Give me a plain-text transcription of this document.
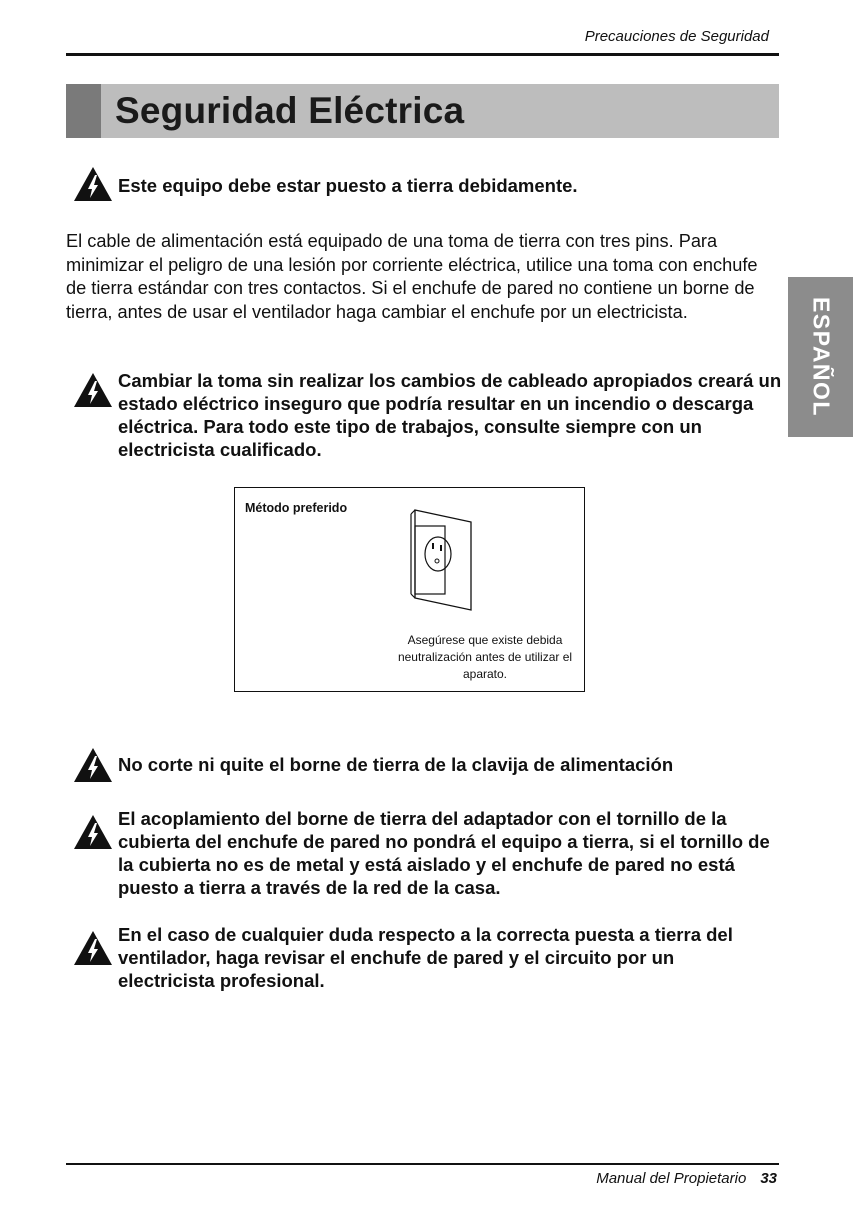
Precauciones de Seguridad
Seguridad Eléctrica
ESPAÑOL
Este equipo debe estar puesto a tierra debidamente.
El cable de alimentación está equipado de una toma de tierra con tres pins. Para minimizar el peligro de una lesión por corriente eléctrica, utilice una toma con enchufe de tierra estándar con tres contactos. Si el enchufe de pared no contiene un borne de tierra, antes de usar el ventilador haga cambiar el enchufe por un electricista.
Cambiar la toma sin realizar los cambios de cableado apropiados creará un estado eléctrico inseguro que podría resultar en un incendio o descarga eléctrica. Para todo este tipo de trabajos, consulte siempre con un electricista cualificado.
Método preferido
Asegúrese que existe debida neutralización antes de utilizar el aparato.
No corte ni quite el borne de tierra de la clavija de alimentación
El acoplamiento del borne de tierra del adaptador con el tornillo de la cubierta del enchufe de pared no pondrá el equipo a tierra, si el tornillo de la cubierta no es de metal y está aislado y el enchufe de pared no está puesto a tierra a través de la red de la casa.
En el caso de cualquier duda respecto a la correcta puesta a tierra del ventilador, haga revisar el enchufe de pared y el circuito por un electricista profesional.
Manual del Propietario 33
